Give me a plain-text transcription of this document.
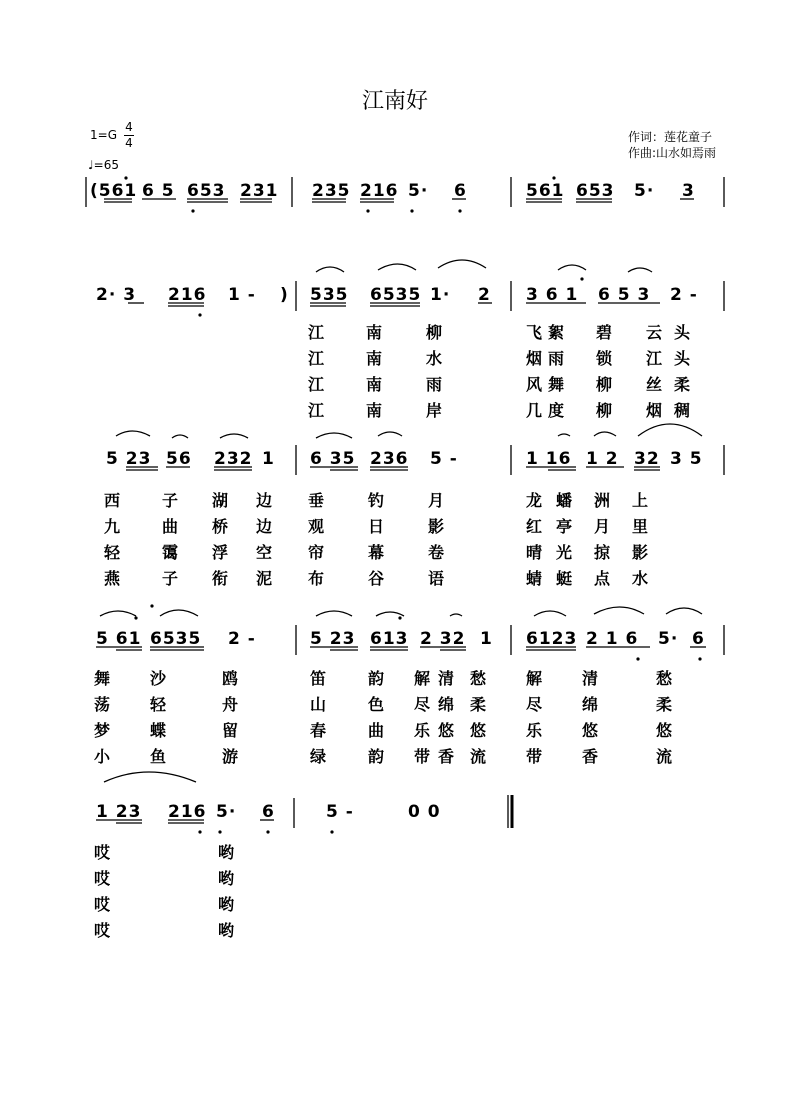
江南好
1=G
4
4
♩=65
作词：莲花童子
作曲:山水如焉雨
(561 6 5 653 231 235 216 5· 6	561 653 5· 3
2· 3 216 1 - ) 535 6535 1· 2 3 6 1 6 5 3 2 -
江	南	柳	飞 絮 碧 云 头
江	南	水	烟 雨 锁 江 头
江	南	雨	风 舞 柳 丝 柔
江	南	岸	几 度 柳 烟 稠
5 23 56 232 1 6 35 236 5 -	1 16 1 2 32 3 5
西	子 湖 边 垂	钓	月	龙 蟠 洲 上
九	曲 桥 边 观	日	影	红 亭 月 里
轻	霭 浮 空 帘	幕	卷	晴 光 掠 影
燕	子 衔 泥 布	谷	语	蜻 蜓 点 水
5 61 6535 2 -	5 23 613 2 32 1 6123 2 1 6 5· 6
舞 沙	鸥	笛	韵 解 清 愁 解 清	愁
荡 轻	舟	山	色 尽 绵 柔 尽 绵	柔
梦 蝶	留	春	曲 乐 悠 悠 乐 悠	悠
小 鱼	游	绿	韵 带 香 流 带 香	流
1 23 216 5· 6	5 -	0 0
哎	哟
哎	哟
哎	哟
哎	哟
